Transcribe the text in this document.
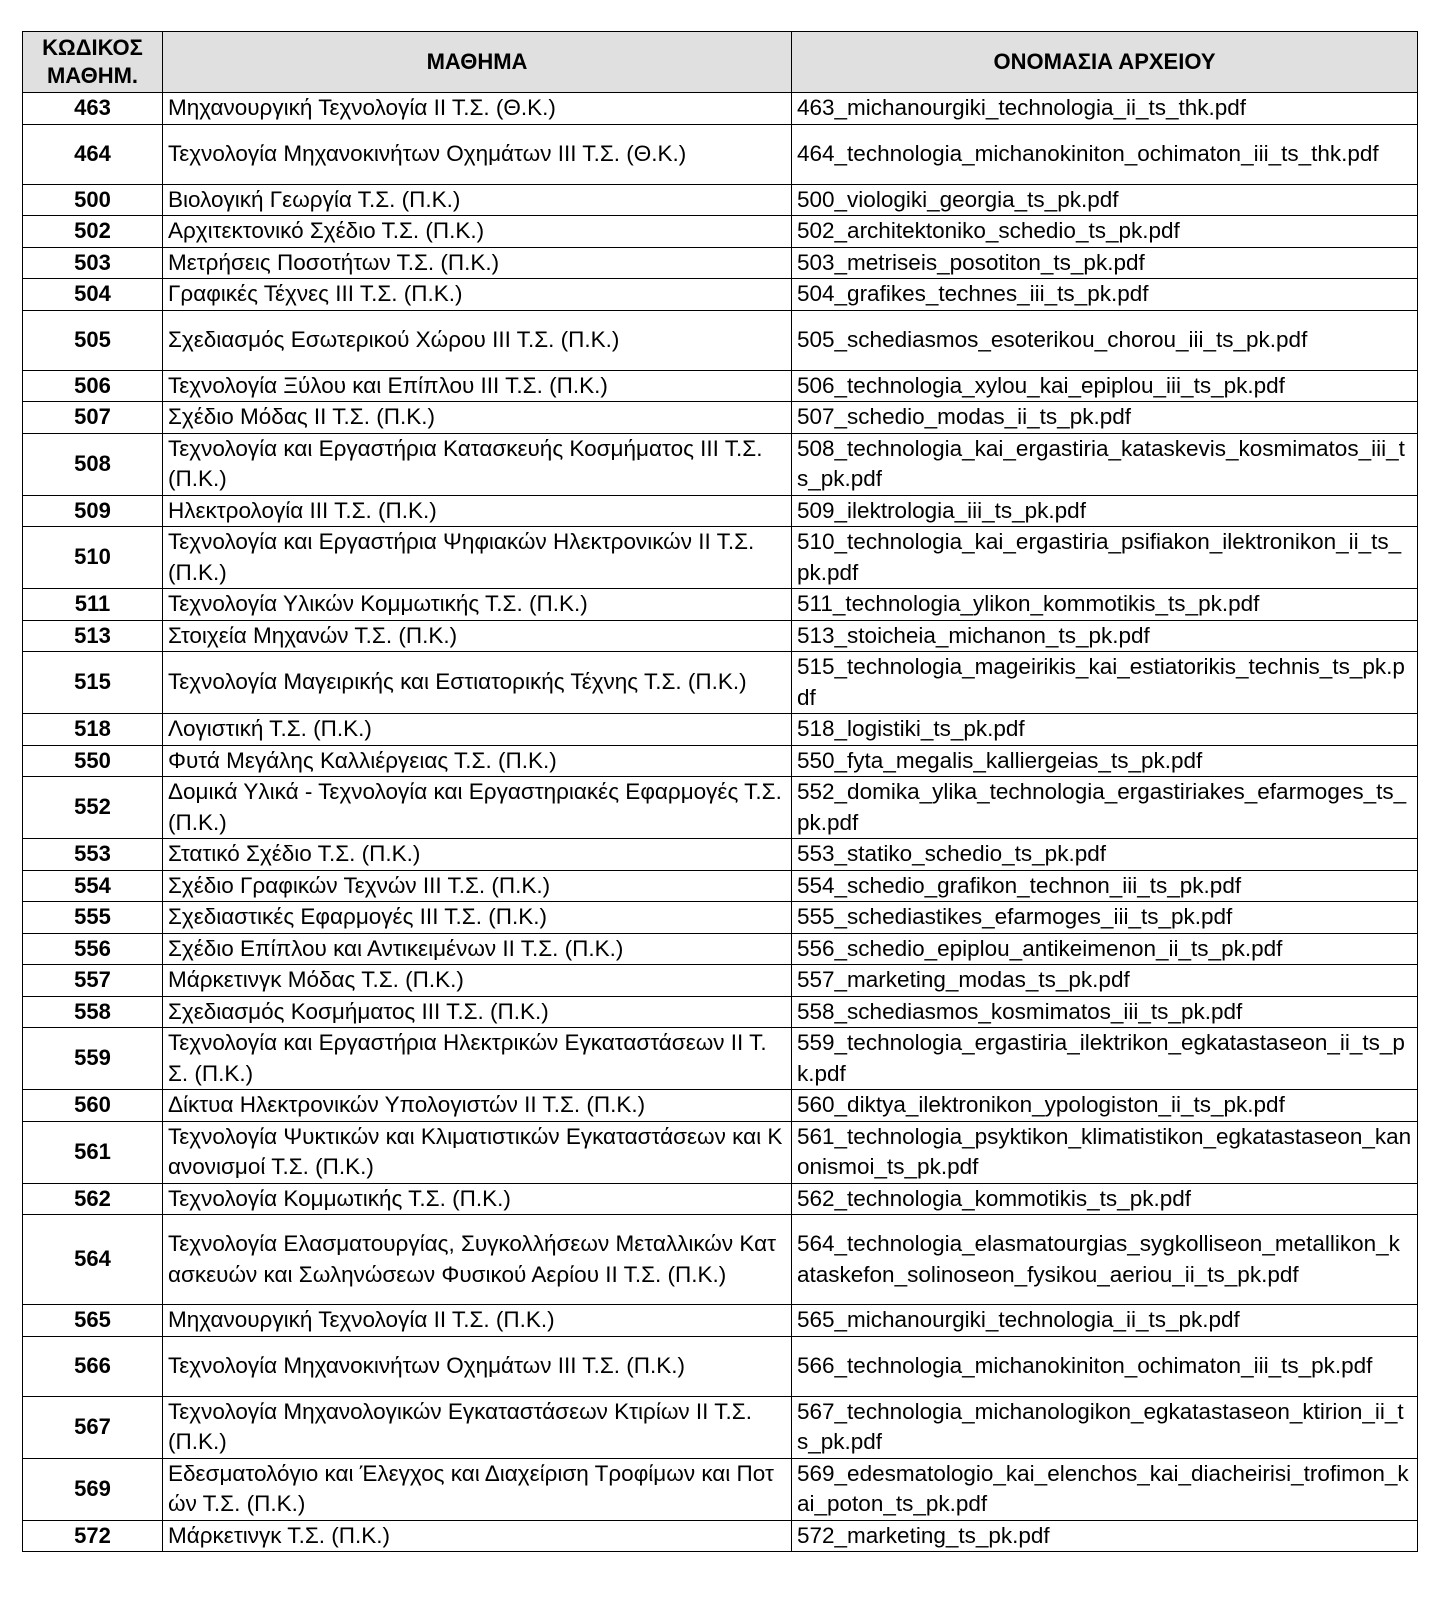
ΚΩΔΙΚΟΣ ΜΑΘΗΜ.	ΜΑΘΗΜΑ	ΟΝΟΜΑΣΙΑ ΑΡΧΕΙΟΥ
463	Μηχανουργική Τεχνολογία ΙΙ Τ.Σ. (Θ.Κ.)	463_michanourgiki_technologia_ii_ts_thk.pdf
464	Τεχνολογία Μηχανοκινήτων Οχημάτων ΙΙΙ Τ.Σ. (Θ.Κ.)	464_technologia_michanokiniton_ochimaton_iii_ts_thk.pdf
500	Βιολογική Γεωργία Τ.Σ. (Π.Κ.)	500_viologiki_georgia_ts_pk.pdf
502	Αρχιτεκτονικό Σχέδιο Τ.Σ. (Π.Κ.)	502_architektoniko_schedio_ts_pk.pdf
503	Μετρήσεις Ποσοτήτων Τ.Σ. (Π.Κ.)	503_metriseis_posotiton_ts_pk.pdf
504	Γραφικές Τέχνες ΙΙΙ Τ.Σ. (Π.Κ.)	504_grafikes_technes_iii_ts_pk.pdf
505	Σχεδιασμός Εσωτερικού Χώρου ΙΙΙ Τ.Σ. (Π.Κ.)	505_schediasmos_esoterikou_chorou_iii_ts_pk.pdf
506	Τεχνολογία Ξύλου και Επίπλου ΙΙΙ Τ.Σ. (Π.Κ.)	506_technologia_xylou_kai_epiplou_iii_ts_pk.pdf
507	Σχέδιο Μόδας ΙΙ Τ.Σ. (Π.Κ.)	507_schedio_modas_ii_ts_pk.pdf
508	Τεχνολογία και Εργαστήρια Κατασκευής Κοσμήματος ΙΙΙ Τ.Σ. (Π.Κ.)	508_technologia_kai_ergastiria_kataskevis_kosmimatos_iii_ts_pk.pdf
509	Ηλεκτρολογία ΙΙΙ Τ.Σ. (Π.Κ.)	509_ilektrologia_iii_ts_pk.pdf
510	Τεχνολογία και Εργαστήρια Ψηφιακών Ηλεκτρονικών ΙΙ Τ.Σ. (Π.Κ.)	510_technologia_kai_ergastiria_psifiakon_ilektronikon_ii_ts_pk.pdf
511	Τεχνολογία Υλικών Κομμωτικής Τ.Σ. (Π.Κ.)	511_technologia_ylikon_kommotikis_ts_pk.pdf
513	Στοιχεία Μηχανών Τ.Σ. (Π.Κ.)	513_stoicheia_michanon_ts_pk.pdf
515	Τεχνολογία Μαγειρικής και Εστιατορικής Τέχνης Τ.Σ. (Π.Κ.)	515_technologia_mageirikis_kai_estiatorikis_technis_ts_pk.pdf
518	Λογιστική Τ.Σ. (Π.Κ.)	518_logistiki_ts_pk.pdf
550	Φυτά Μεγάλης Καλλιέργειας Τ.Σ. (Π.Κ.)	550_fyta_megalis_kalliergeias_ts_pk.pdf
552	Δομικά Υλικά - Τεχνολογία και Εργαστηριακές Εφαρμογές Τ.Σ. (Π.Κ.)	552_domika_ylika_technologia_ergastiriakes_efarmoges_ts_pk.pdf
553	Στατικό Σχέδιο Τ.Σ. (Π.Κ.)	553_statiko_schedio_ts_pk.pdf
554	Σχέδιο Γραφικών Τεχνών ΙΙΙ Τ.Σ. (Π.Κ.)	554_schedio_grafikon_technon_iii_ts_pk.pdf
555	Σχεδιαστικές Εφαρμογές ΙΙΙ Τ.Σ. (Π.Κ.)	555_schediastikes_efarmoges_iii_ts_pk.pdf
556	Σχέδιο Επίπλου και Αντικειμένων ΙΙ Τ.Σ. (Π.Κ.)	556_schedio_epiplou_antikeimenon_ii_ts_pk.pdf
557	Μάρκετινγκ Μόδας Τ.Σ. (Π.Κ.)	557_marketing_modas_ts_pk.pdf
558	Σχεδιασμός Κοσμήματος ΙΙΙ Τ.Σ. (Π.Κ.)	558_schediasmos_kosmimatos_iii_ts_pk.pdf
559	Τεχνολογία και Εργαστήρια Ηλεκτρικών Εγκαταστάσεων ΙΙ Τ.Σ. (Π.Κ.)	559_technologia_ergastiria_ilektrikon_egkatastaseon_ii_ts_pk.pdf
560	Δίκτυα Ηλεκτρονικών Υπολογιστών ΙΙ Τ.Σ. (Π.Κ.)	560_diktya_ilektronikon_ypologiston_ii_ts_pk.pdf
561	Τεχνολογία Ψυκτικών και Κλιματιστικών Εγκαταστάσεων και Κανονισμοί Τ.Σ. (Π.Κ.)	561_technologia_psyktikon_klimatistikon_egkatastaseon_kanonismoi_ts_pk.pdf
562	Τεχνολογία Κομμωτικής Τ.Σ. (Π.Κ.)	562_technologia_kommotikis_ts_pk.pdf
564	Τεχνολογία Ελασματουργίας, Συγκολλήσεων Μεταλλικών Κατασκευών και Σωληνώσεων Φυσικού Αερίου ΙΙ Τ.Σ. (Π.Κ.)	564_technologia_elasmatourgias_sygkolliseon_metallikon_kataskefon_solinoseon_fysikou_aeriou_ii_ts_pk.pdf
565	Μηχανουργική Τεχνολογία ΙΙ Τ.Σ. (Π.Κ.)	565_michanourgiki_technologia_ii_ts_pk.pdf
566	Τεχνολογία Μηχανοκινήτων Οχημάτων ΙΙΙ Τ.Σ. (Π.Κ.)	566_technologia_michanokiniton_ochimaton_iii_ts_pk.pdf
567	Τεχνολογία Μηχανολογικών Εγκαταστάσεων Κτιρίων ΙΙ Τ.Σ. (Π.Κ.)	567_technologia_michanologikon_egkatastaseon_ktirion_ii_ts_pk.pdf
569	Εδεσματολόγιο και Έλεγχος και Διαχείριση Τροφίμων και Ποτών Τ.Σ. (Π.Κ.)	569_edesmatologio_kai_elenchos_kai_diacheirisi_trofimon_kai_poton_ts_pk.pdf
572	Μάρκετινγκ Τ.Σ. (Π.Κ.)	572_marketing_ts_pk.pdf
